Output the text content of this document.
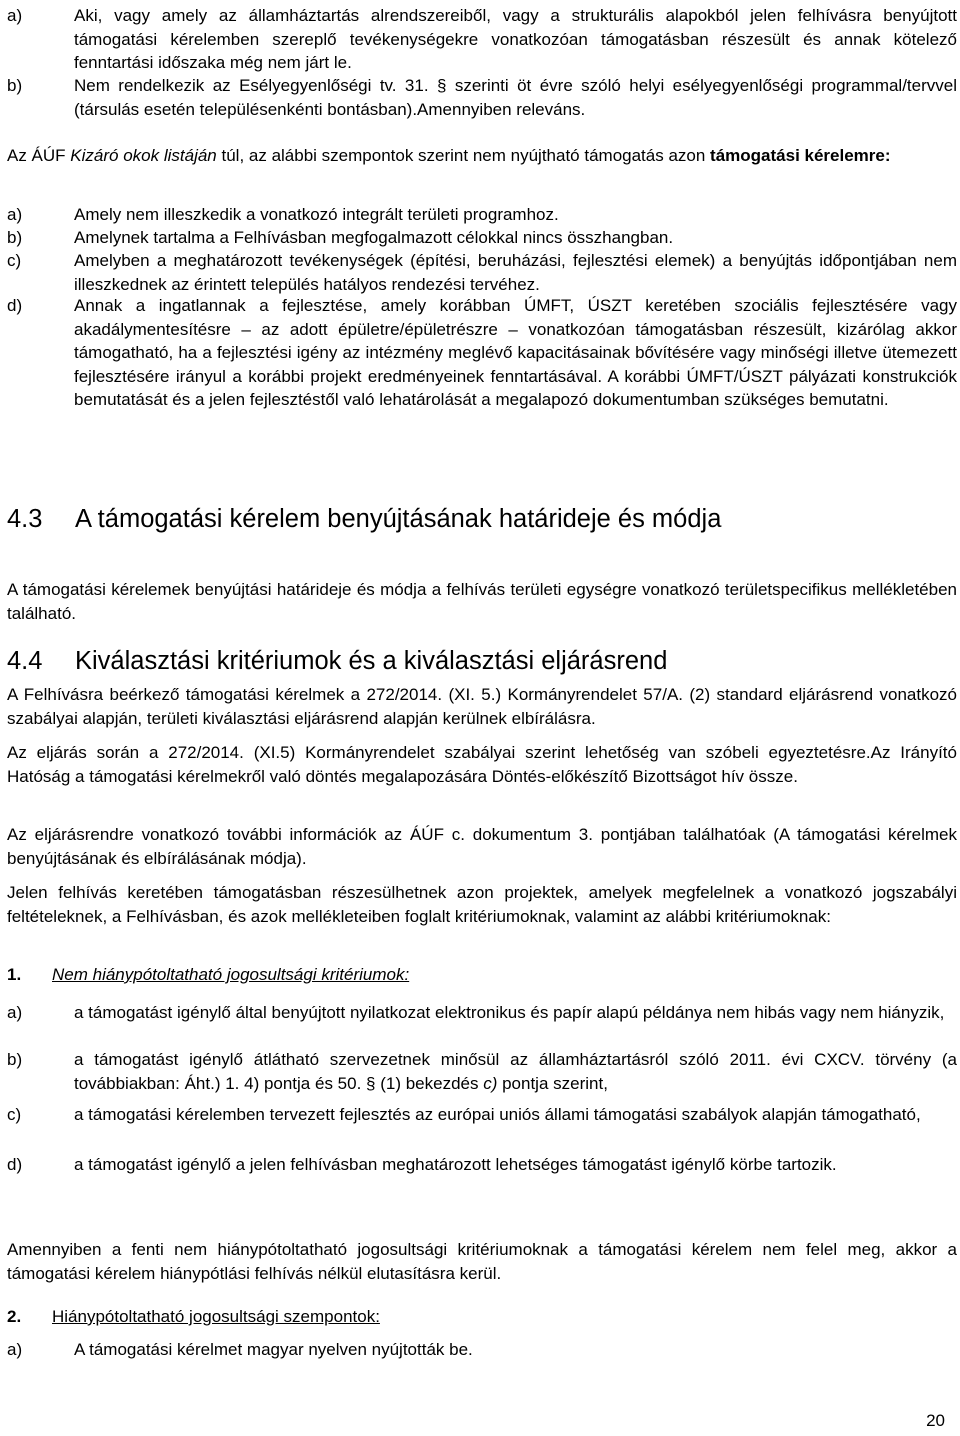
a)	Aki, vagy amely az államháztartás alrendszereiből, vagy a strukturális alapokból jelen felhívásra benyújtott támogatási kérelemben szereplő tevékenységekre vonatkozóan támogatásban részesült és annak kötelező fenntartási időszaka még nem járt le.
b)	Nem rendelkezik az Esélyegyenlőségi tv. 31. § szerinti öt évre szóló helyi esélyegyenlőségi programmal/tervvel (társulás esetén településenkénti bontásban).Amennyiben releváns.
Az ÁÚF Kizáró okok listáján túl, az alábbi szempontok szerint nem nyújtható támogatás azon támogatási kérelemre:
a)	Amely nem illeszkedik a vonatkozó integrált területi programhoz.
b)	Amelynek tartalma a Felhívásban megfogalmazott célokkal nincs összhangban.
c)	Amelyben a meghatározott tevékenységek (építési, beruházási, fejlesztési elemek) a benyújtás időpontjában nem illeszkednek az érintett település hatályos rendezési tervéhez.
d)	Annak a ingatlannak a fejlesztése, amely korábban ÚMFT, ÚSZT keretében szociális fejlesztésére vagy akadálymentesítésre – az adott épületre/épületrészre – vonatkozóan támogatásban részesült, kizárólag akkor támogatható, ha a fejlesztési igény az intézmény meglévő kapacitásainak bővítésére vagy minőségi illetve ütemezett fejlesztésére irányul a korábbi projekt eredményeinek fenntartásával. A korábbi ÚMFT/ÚSZT pályázati konstrukciók bemutatását és a jelen fejlesztéstől való lehatárolását a megalapozó dokumentumban szükséges bemutatni.
4.3 A támogatási kérelem benyújtásának határideje és módja
A támogatási kérelemek benyújtási határideje és módja a felhívás területi egységre vonatkozó területspecifikus mellékletében található.
4.4 Kiválasztási kritériumok és a kiválasztási eljárásrend
A Felhívásra beérkező támogatási kérelmek a 272/2014. (XI. 5.) Kormányrendelet 57/A. (2) standard eljárásrend vonatkozó szabályai alapján, területi kiválasztási eljárásrend alapján kerülnek elbírálásra.
Az eljárás során a 272/2014. (XI.5) Kormányrendelet szabályai szerint lehetőség van szóbeli egyeztetésre.Az Irányító Hatóság a támogatási kérelmekről való döntés megalapozására Döntés-előkészítő Bizottságot hív össze.
Az eljárásrendre vonatkozó további információk az ÁÚF c. dokumentum 3. pontjában találhatóak (A támogatási kérelmek benyújtásának és elbírálásának módja).
Jelen felhívás keretében támogatásban részesülhetnek azon projektek, amelyek megfelelnek a vonatkozó jogszabályi feltételeknek, a Felhívásban, és azok mellékleteiben foglalt kritériumoknak, valamint az alábbi kritériumoknak:
1. Nem hiánypótoltatható jogosultsági kritériumok:
a)	a támogatást igénylő által benyújtott nyilatkozat elektronikus és papír alapú példánya nem hibás vagy nem hiányzik,
b)	a támogatást igénylő átlátható szervezetnek minősül az államháztartásról szóló 2011. évi CXCV. törvény (a továbbiakban: Áht.) 1. 4) pontja és 50. § (1) bekezdés c) pontja szerint,
c)	a támogatási kérelemben tervezett fejlesztés az európai uniós állami támogatási szabályok alapján támogatható,
d)	a támogatást igénylő a jelen felhívásban meghatározott lehetséges támogatást igénylő körbe tartozik.
Amennyiben a fenti nem hiánypótoltatható jogosultsági kritériumoknak a támogatási kérelem nem felel meg, akkor a támogatási kérelem hiánypótlási felhívás nélkül elutasításra kerül.
2. Hiánypótoltatható jogosultsági szempontok:
a)	A támogatási kérelmet magyar nyelven nyújtották be.
20
